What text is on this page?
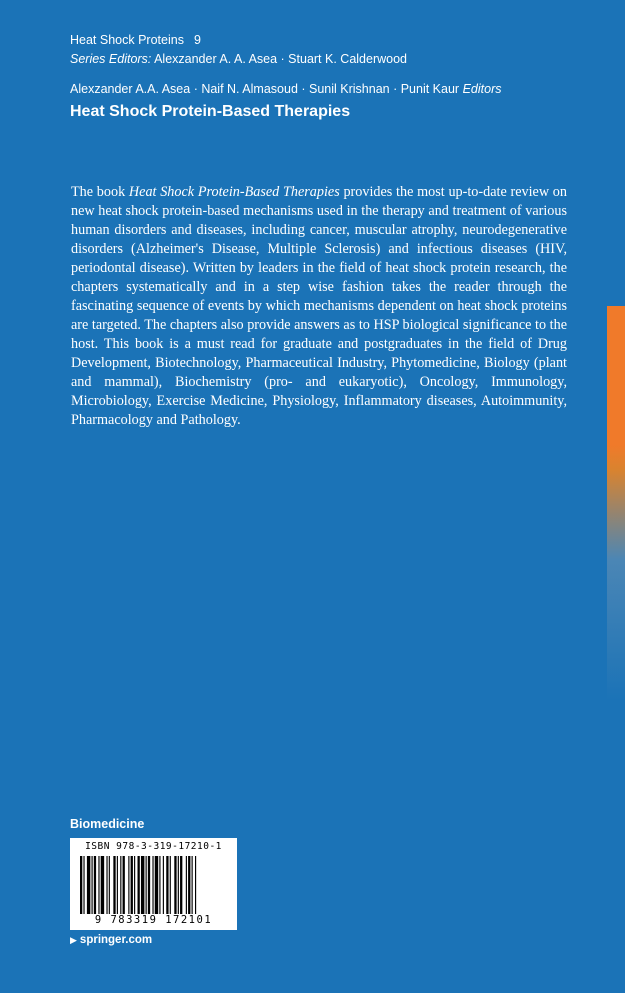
Heat Shock Proteins 9
Series Editors: Alexzander A. A. Asea · Stuart K. Calderwood
Alexzander A.A. Asea · Naif N. Almasoud · Sunil Krishnan · Punit Kaur Editors
Heat Shock Protein-Based Therapies
The book Heat Shock Protein-Based Therapies provides the most up-to-date review on new heat shock protein-based mechanisms used in the therapy and treatment of various human disorders and diseases, including cancer, muscular atrophy, neurodegenerative disorders (Alzheimer's Disease, Multiple Sclerosis) and infectious diseases (HIV, periodontal disease). Written by leaders in the field of heat shock protein research, the chapters systematically and in a step wise fashion takes the reader through the fascinating sequence of events by which mechanisms dependent on heat shock proteins are targeted. The chapters also provide answers as to HSP biological significance to the host. This book is a must read for graduate and postgraduates in the field of Drug Development, Biotechnology, Pharmaceutical Industry, Phytomedicine, Biology (plant and mammal), Biochemistry (pro- and eukaryotic), Oncology, Immunology, Microbiology, Exercise Medicine, Physiology, Inflammatory diseases, Autoimmunity, Pharmacology and Pathology.
Biomedicine
ISBN 978-3-319-17210-1
9 783319 172101
▶ springer.com
